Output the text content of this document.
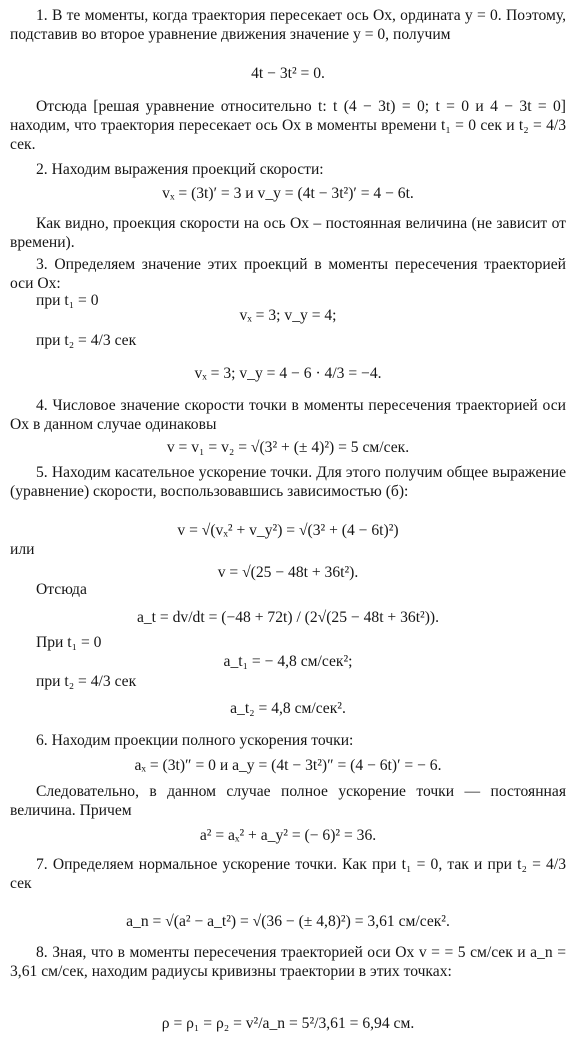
1. В те моменты, когда траектория пересекает ось Ox, ордината y = 0. Поэтому, подставив во второе уравнение движения значение y = 0, получим
4t − 3t² = 0.
Отсюда [решая уравнение относительно t: t (4 − 3t) = 0; t = 0 и 4 − 3t = 0] находим, что траектория пересекает ось Ox в моменты времени t₁ = 0 сек и t₂ = 4/3 сек.
2. Находим выражения проекций скорости:
vₓ = (3t)′ = 3 и v_y = (4t − 3t²)′ = 4 − 6t.
Как видно, проекция скорости на ось Ox – постоянная величина (не зависит от времени).
3. Определяем значение этих проекций в моменты пересечения траекторией оси Ox:
при t₁ = 0
vₓ = 3; v_y = 4;
при t₂ = 4/3 сек
vₓ = 3; v_y = 4 − 6 · 4/3 = −4.
4. Числовое значение скорости точки в моменты пересечения траекторией оси Ox в данном случае одинаковы
v = v₁ = v₂ = √(3² + (± 4)²) = 5 см/сек.
5. Находим касательное ускорение точки. Для этого получим общее выражение (уравнение) скорости, воспользовавшись зависимостью (б):
v = √(vₓ² + v_y²) = √(3² + (4 − 6t)²)
или
v = √(25 − 48t + 36t²).
Отсюда
a_t = dv/dt = (−48 + 72t) / (2√(25 − 48t + 36t²)).
При t₁ = 0
a_t₁ = − 4,8 см/сек²;
при t₂ = 4/3 сек
a_t₂ = 4,8 см/сек².
6. Находим проекции полного ускорения точки:
aₓ = (3t)″ = 0 и a_y = (4t − 3t²)″ = (4 − 6t)′ = − 6.
Следовательно, в данном случае полное ускорение точки — постоянная величина. Причем
a² = aₓ² + a_y² = (− 6)² = 36.
7. Определяем нормальное ускорение точки. Как при t₁ = 0, так и при t₂ = 4/3 сек
a_n = √(a² − a_t²) = √(36 − (± 4,8)²) = 3,61 см/сек².
8. Зная, что в моменты пересечения траекторией оси Ox v = = 5 см/сек и a_n = 3,61 см/сек, находим радиусы кривизны траектории в этих точках:
ρ = ρ₁ = ρ₂ = v²/a_n = 5²/3,61 = 6,94 см.
